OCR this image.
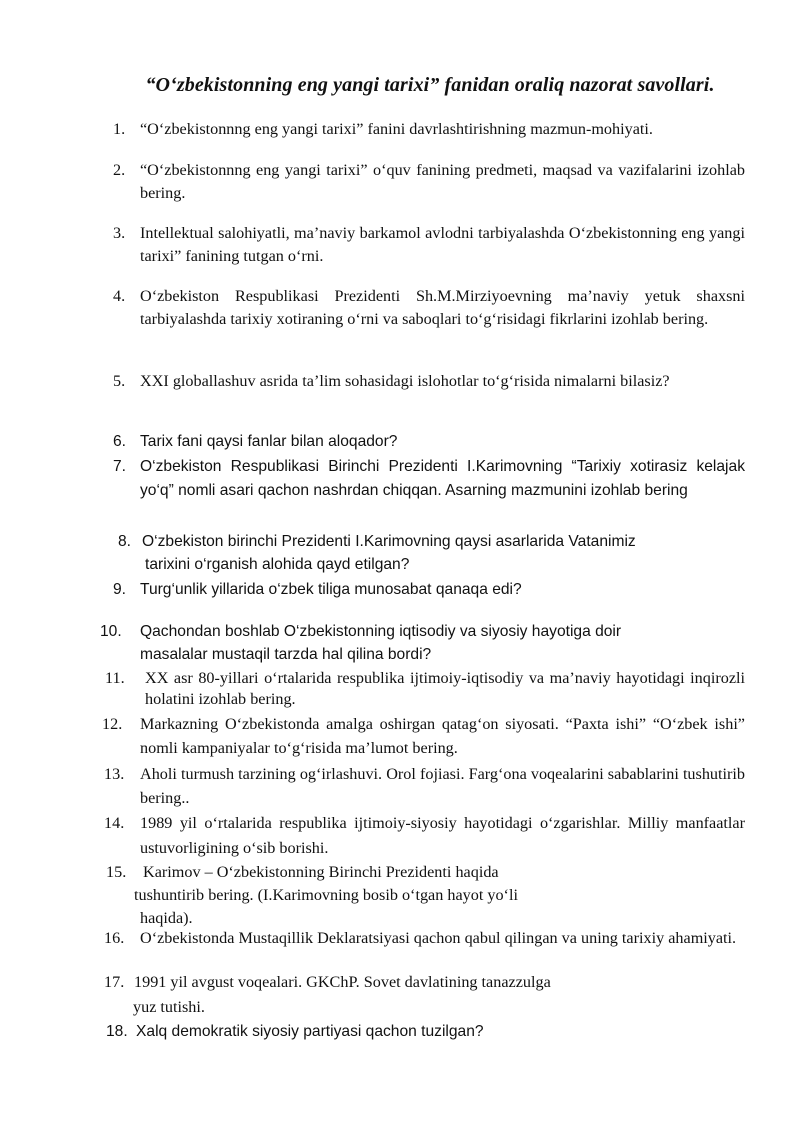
“O‘zbekistonning eng yangi tarixi” fanidan oraliq nazorat savollari.
1. “O‘zbekistonnng eng yangi tarixi” fanini davrlashtirishning mazmun-mohiyati.
2. “O‘zbekistonnng eng yangi tarixi” o‘quv fanining predmeti, maqsad va vazifalarini izohlab bering.
3. Intellektual salohiyatli, ma’naviy barkamol avlodni tarbiyalashda O‘zbekistonning eng yangi tarixi” fanining tutgan o‘rni.
4. O‘zbekiston Respublikasi Prezidenti Sh.M.Mirziyoevning ma’naviy yetuk shaxsni tarbiyalashda tarixiy xotiraning o‘rni va saboqlari to‘g‘risidagi fikrlarini izohlab bering.
5. XXI globallashuv asrida ta’lim sohasidagi islohotlar to‘g‘risida nimalarni bilasiz?
6. Tarix fani qaysi fanlar bilan aloqador?
7. O‘zbekiston Respublikasi Birinchi Prezidenti I.Karimovning “Tarixiy xotirasiz kelajak yo‘q” nomli asari qachon nashrdan chiqqan. Asarning mazmunini izohlab bering
8. O‘zbekiston birinchi Prezidenti I.Karimovning qaysi asarlarida Vatanimiz
tarixini o‘rganish alohida qayd etilgan?
9. Turg‘unlik yillarida o‘zbek tiliga munosabat qanaqa edi?
10. Qachondan boshlab O‘zbekistonning iqtisodiy va siyosiy hayotiga doir
masalalar mustaqil tarzda hal qilina bordi?
11. XX asr 80-yillari o‘rtalarida respublika ijtimoiy-iqtisodiy va ma’naviy hayotidagi inqirozli holatini izohlab bering.
12. Markazning O‘zbekistonda amalga oshirgan qatag‘on siyosati. “Paxta ishi” “O‘zbek ishi” nomli kampaniyalar to‘g‘risida ma’lumot bering.
13. Aholi turmush tarzining og‘irlashuvi. Orol fojiasi. Farg‘ona voqealarini sabablarini tushutirib bering..
14. 1989 yil o‘rtalarida respublika ijtimoiy-siyosiy hayotidagi o‘zgarishlar. Milliy manfaatlar ustuvorligining o‘sib borishi.
15. Karimov – O‘zbekistonning Birinchi Prezidenti haqida
tushuntirib bering. (I.Karimovning bosib o‘tgan hayot yo‘li
haqida).
16. O‘zbekistonda Mustaqillik Deklaratsiyasi qachon qabul qilingan va uning tarixiy ahamiyati.
17. 1991 yil avgust voqealari. GKChP. Sovet davlatining tanazzulga
yuz tutishi.
18. Xalq demokratik siyosiy partiyasi qachon tuzilgan?
